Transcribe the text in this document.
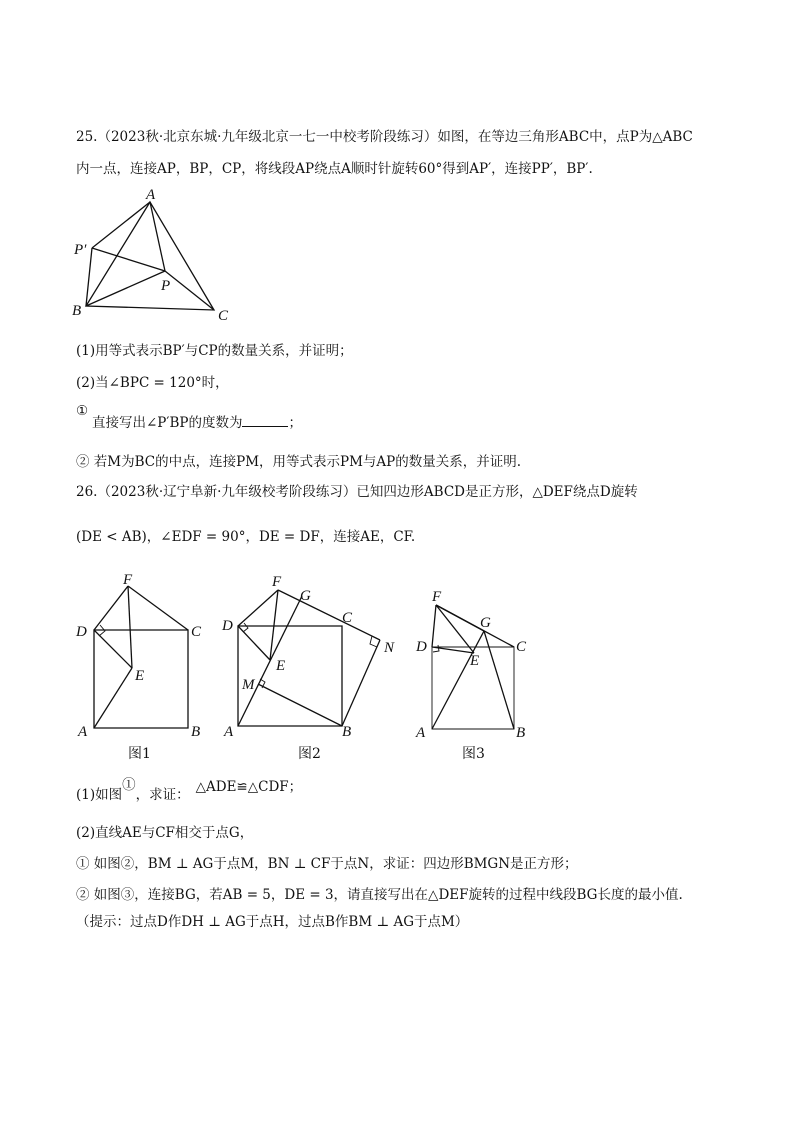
25.（2023秋·北京东城·九年级北京一七一中校考阶段练习）如图，在等边三角形ABC中，点P为△ABC
内一点，连接AP，BP，CP，将线段AP绕点A顺时针旋转60°得到AP′，连接PP′，BP′.
A
P′
P
B	C
(1)用等式表示BP′与CP的数量关系，并证明；
(2)当∠BPC = 120°时，
①
直接写出∠P′BP的度数为	；
② 若M为BC的中点，连接PM，用等式表示PM与AP的数量关系，并证明.
26.（2023秋·辽宁阜新·九年级校考阶段练习）已知四边形ABCD是正方形，△DEF绕点D旋转
(DE < AB)，∠EDF = 90°，DE = DF，连接AE，CF.
F
D	C
E
A	B
图1
F
G
D	C
N
E
M
A	B
图2
F
G
D	C
E
A	B
图3
(1)如图①，求证： △ADE≌△CDF；
(2)直线AE与CF相交于点G，
① 如图②，BM ⊥ AG于点M，BN ⊥ CF于点N，求证：四边形BMGN是正方形；
② 如图③，连接BG，若AB = 5，DE = 3，请直接写出在△DEF旋转的过程中线段BG长度的最小值.
（提示：过点D作DH ⊥ AG于点H，过点B作BM ⊥ AG于点M）
